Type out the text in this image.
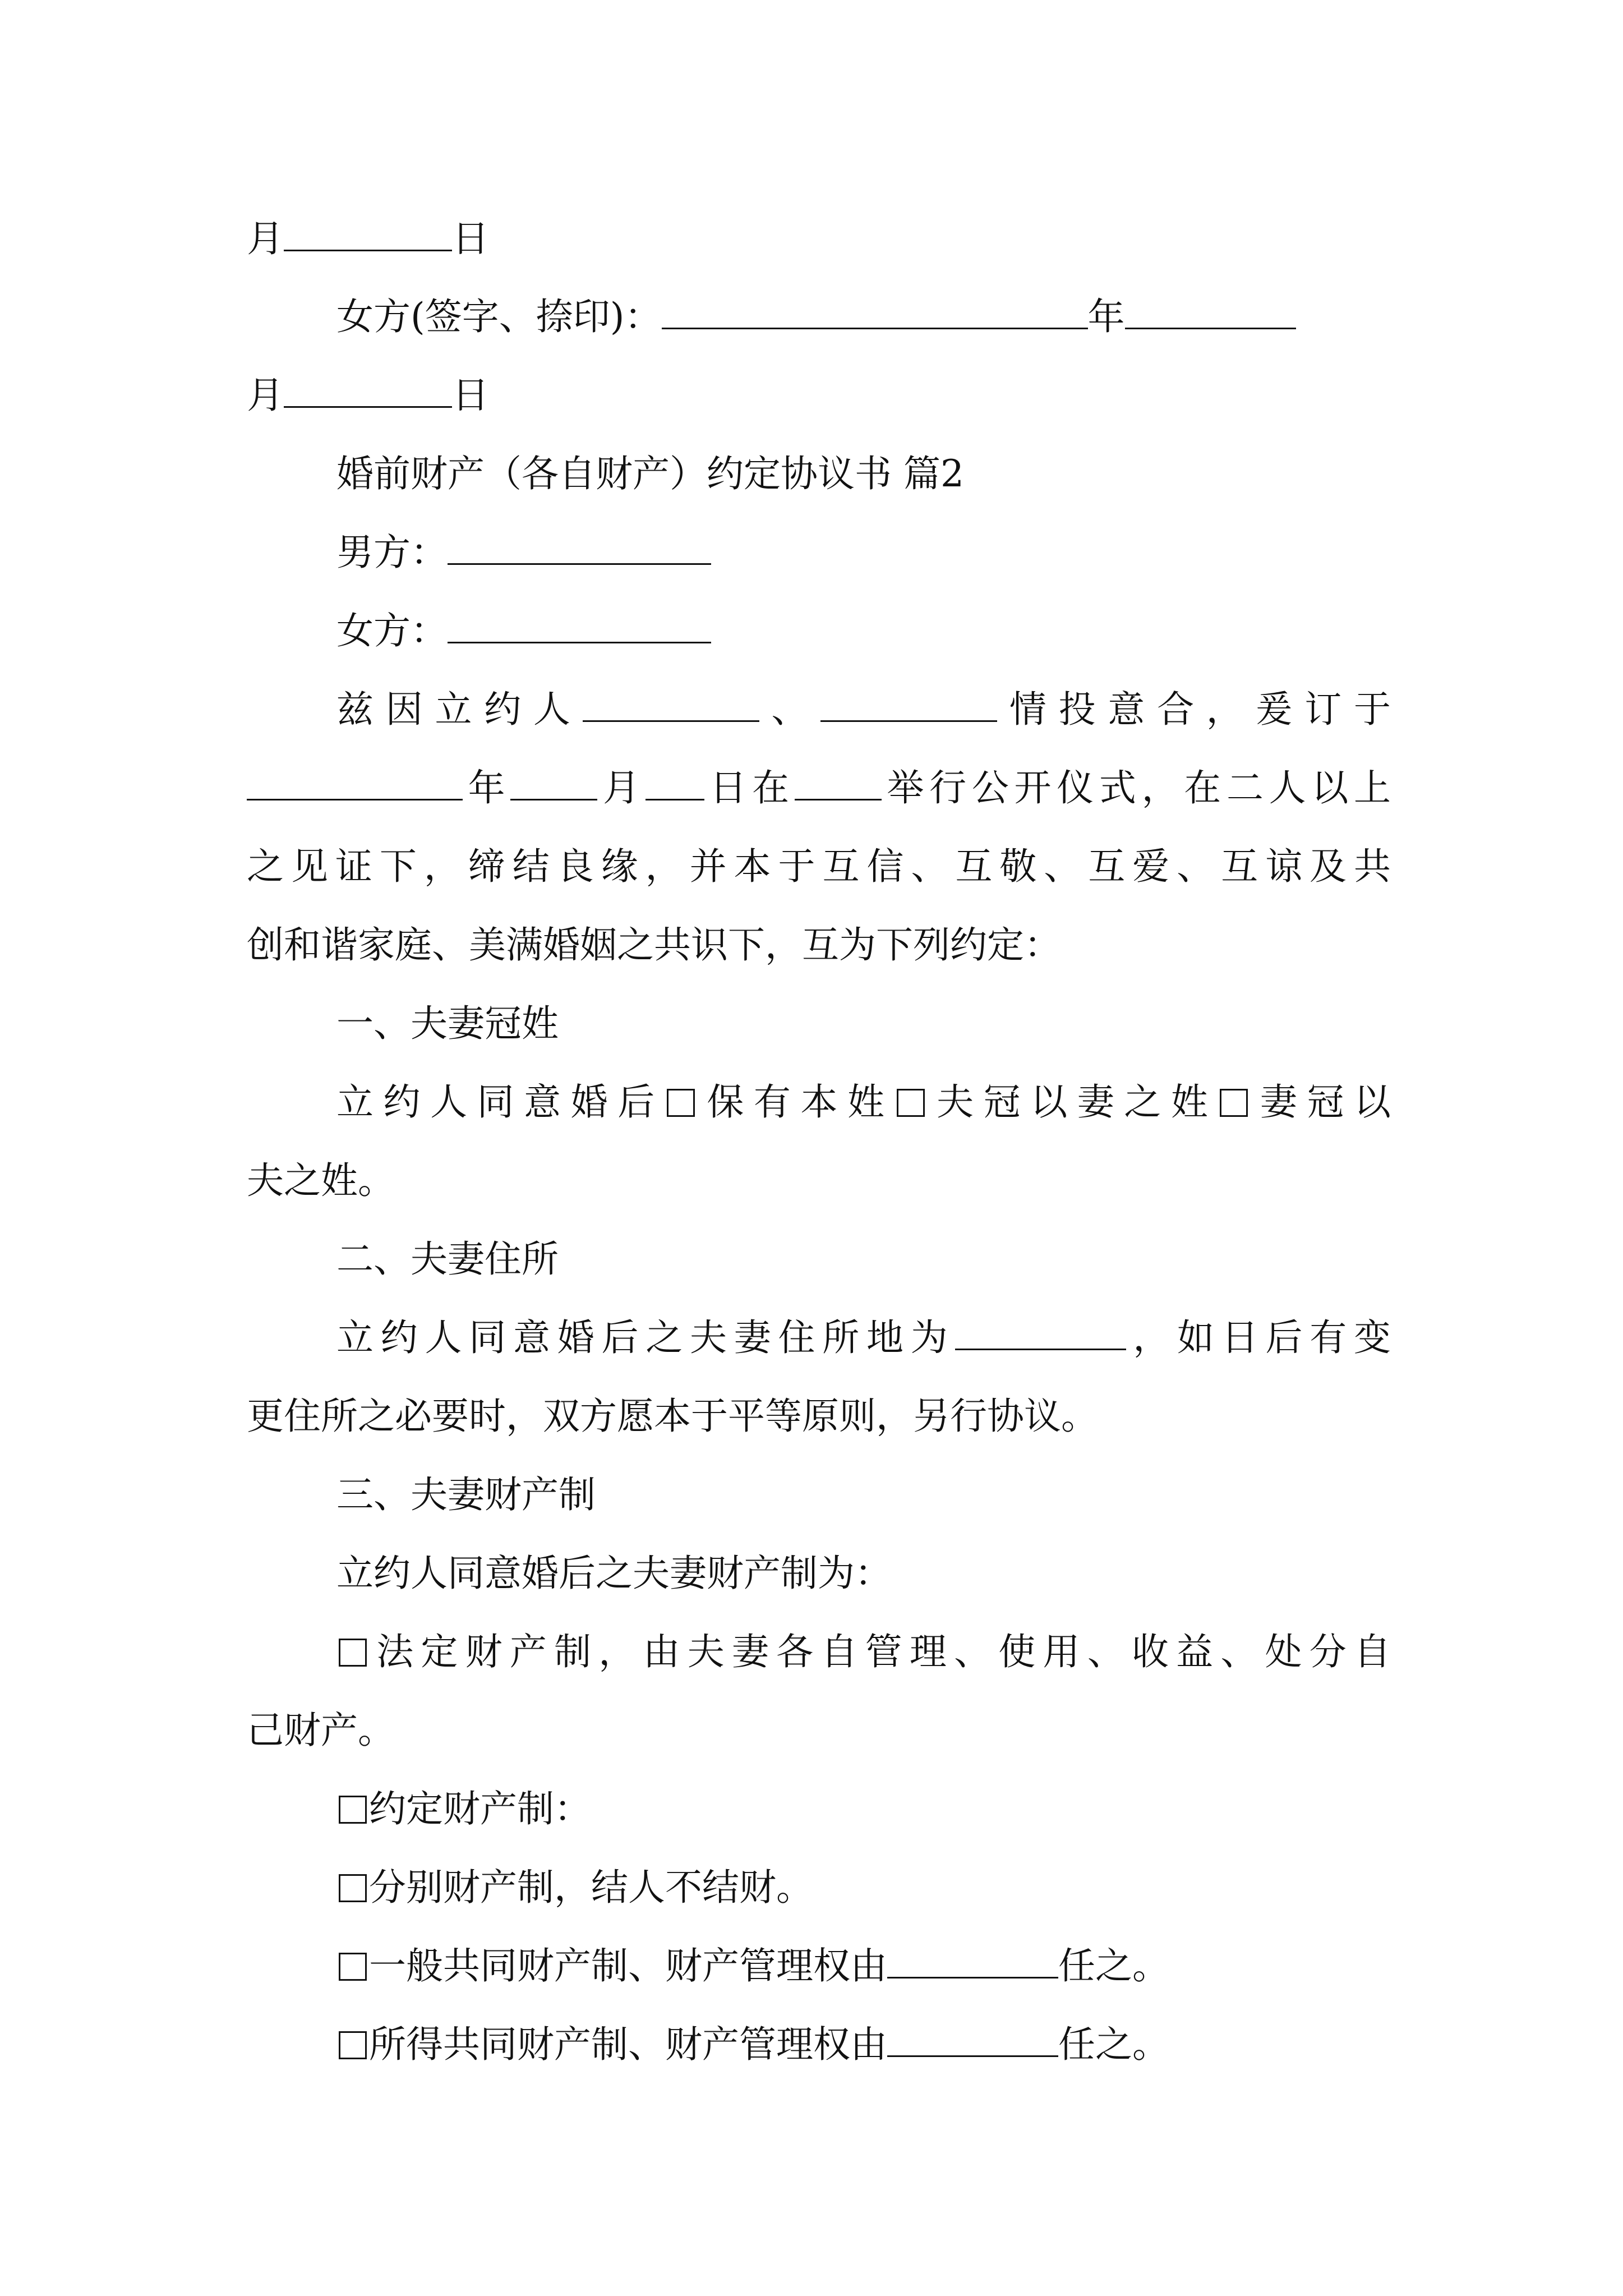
月	日
女方(签字、捺印)：	年
月	日
婚前财产（各自财产）约定协议书 篇2
男方：
女方：
兹因立约人	、	情投意合，爰订于
年 月 日在 举行公开仪式，在二人以上
之见证下，缔结良缘，并本于互信、互敬、互爱、互谅及共
创和谐家庭、美满婚姻之共识下，互为下列约定：
一、夫妻冠姓
立约人同意婚后 保有本姓 夫冠以妻之姓 妻冠以
夫之姓。
二、夫妻住所
立约人同意婚后之夫妻住所地为	，如日后有变
更住所之必要时，双方愿本于平等原则，另行协议。
三、夫妻财产制
立约人同意婚后之夫妻财产制为：
法定财产制，由夫妻各自管理、使用、收益、处分自
己财产。
约定财产制：
分别财产制，结人不结财。
一般共同财产制、财产管理权由	任之。
所得共同财产制、财产管理权由	任之。
